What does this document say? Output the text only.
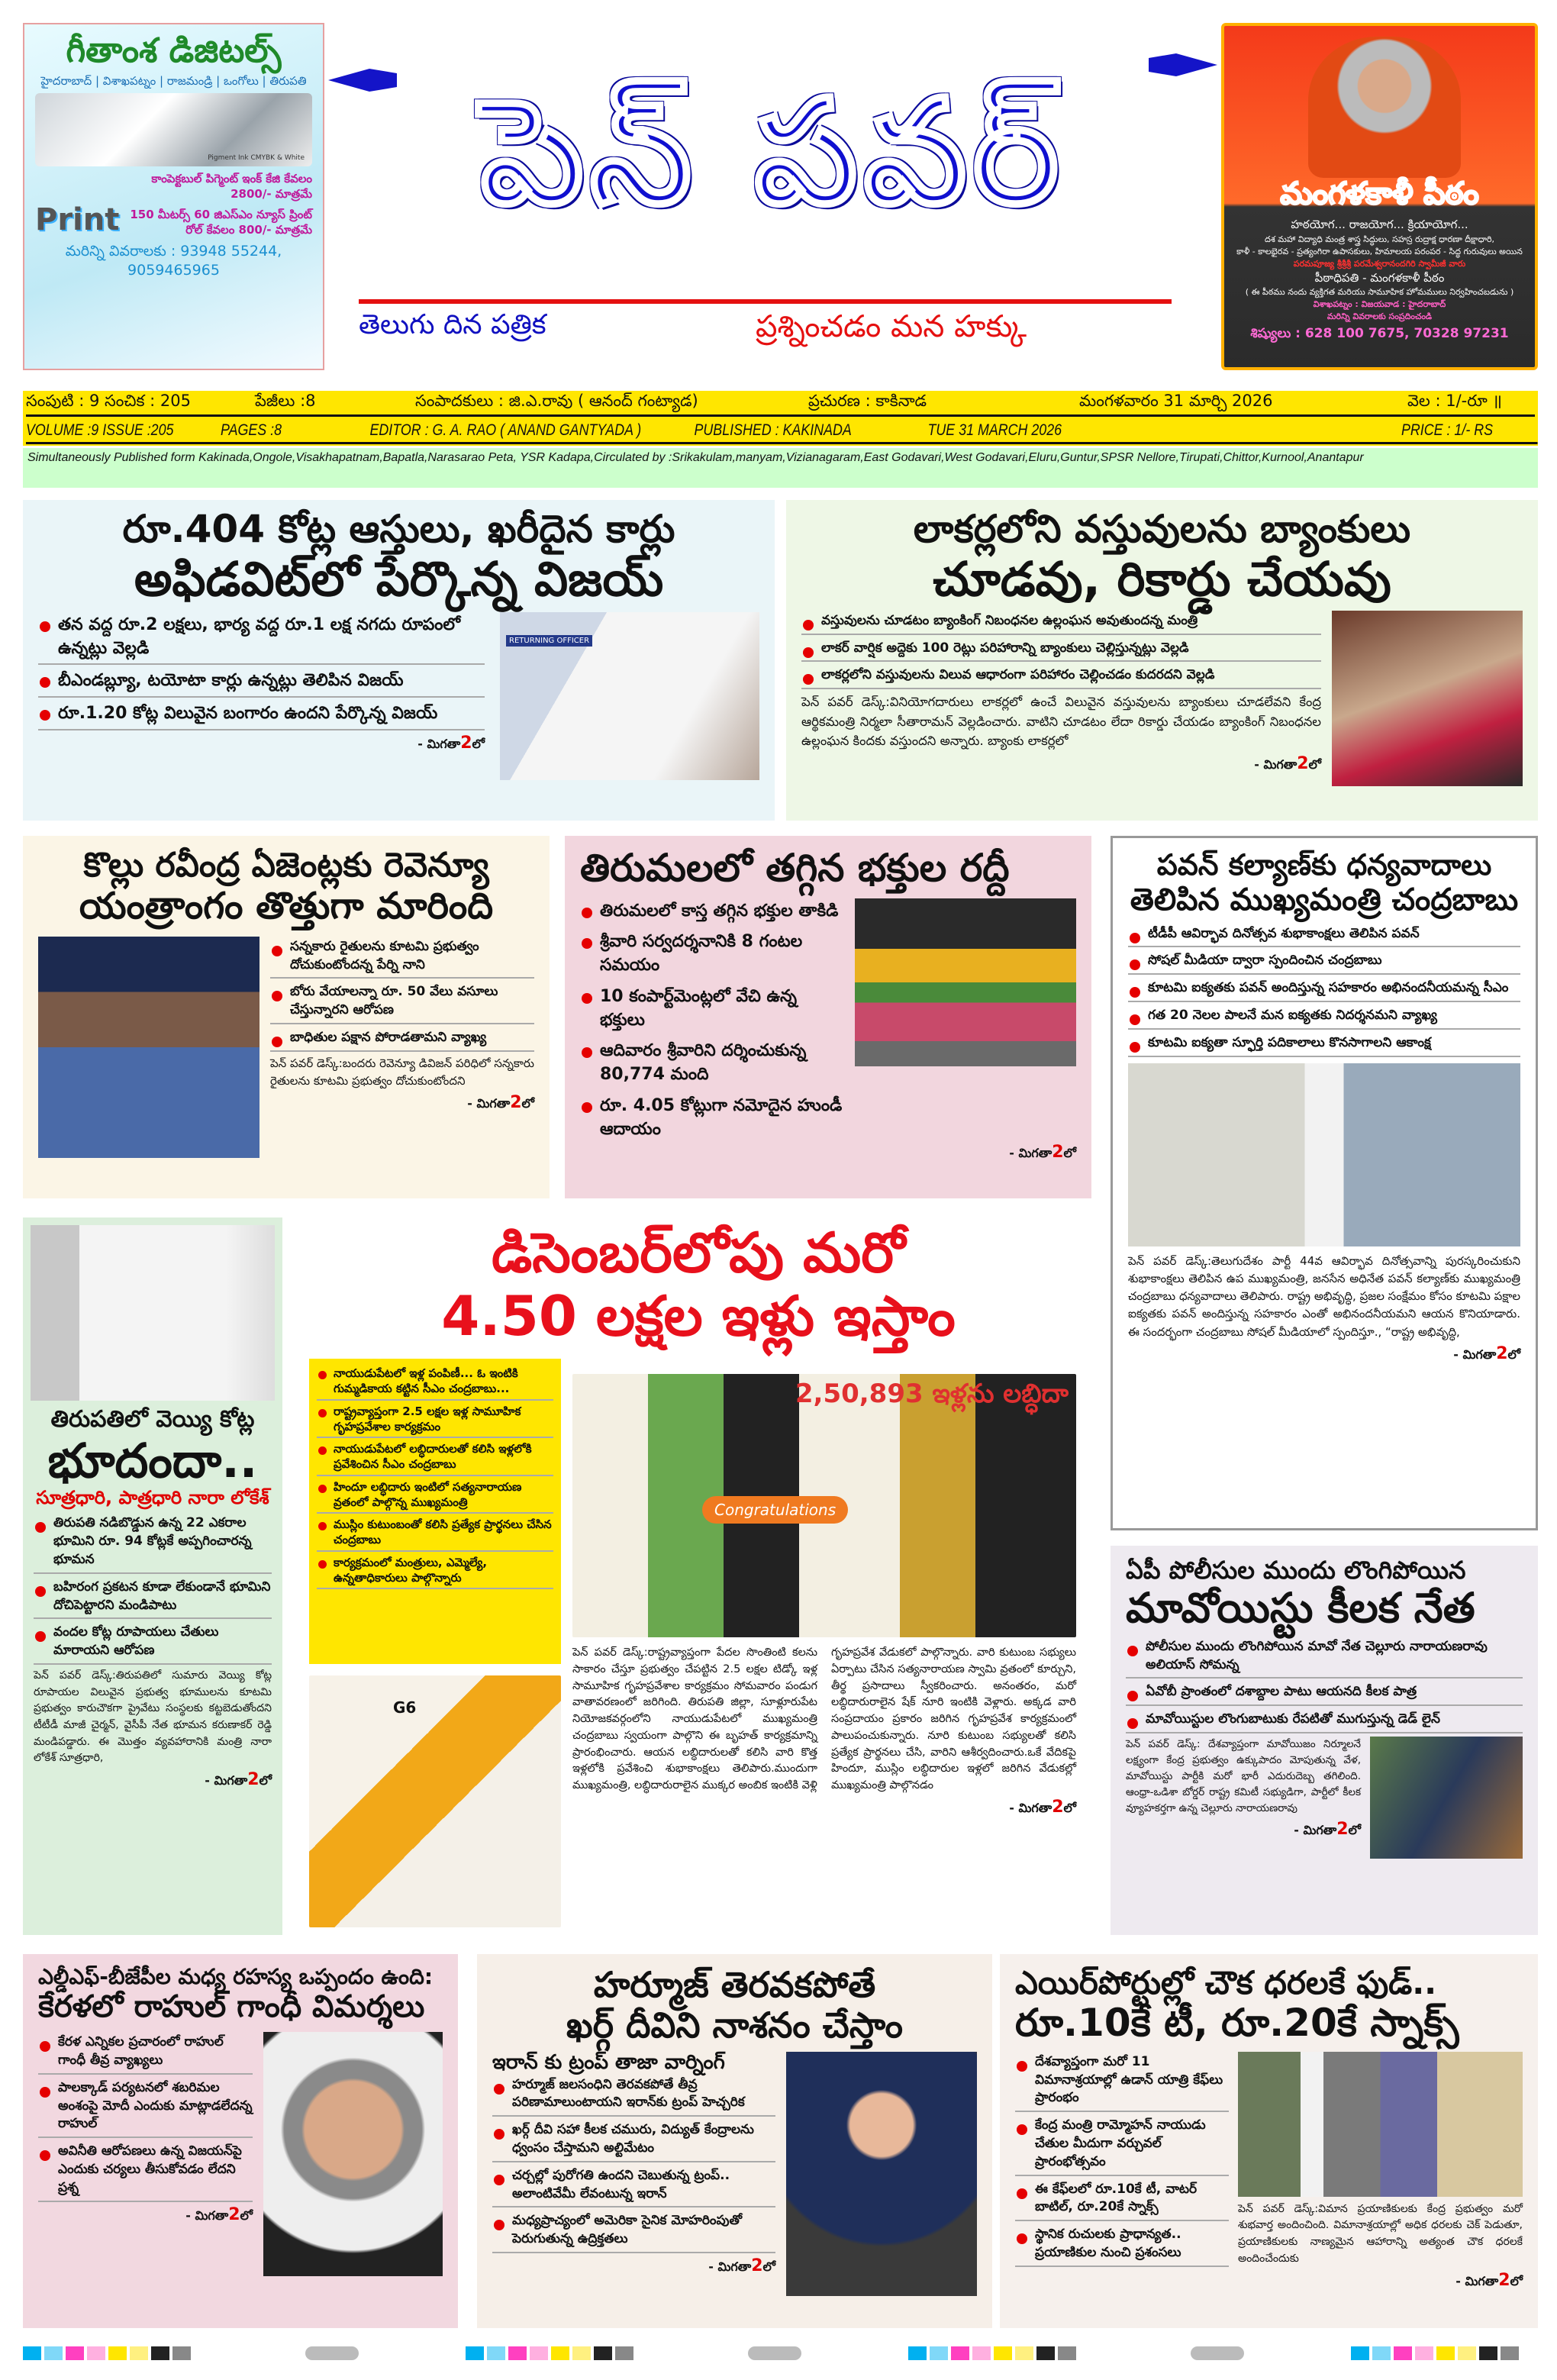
గీతాంశ డిజిటల్స్
హైదరాబాద్ | విశాఖపట్నం | రాజమండ్రి | ఒంగోలు | తిరుపతి
Pigment Ink CMYBK & White
Print
కాంపెక్టబుల్ పిగ్మెంట్ ఇంక్ కేజి కేవలం 2800/- మాత్రమే
150 మీటర్స్ 60 జిఎస్ఎం న్యూస్ ప్రింట్ రోల్ కేవలం 800/- మాత్రమే
మరిన్ని వివరాలకు : 93948 55244, 9059465965
పెన్ పవర్
తెలుగు దిన పత్రిక	ప్రశ్నించడం మన హక్కు
మంగళకాళీ పీఠం
హఠయోగ... రాజయోగ... క్రియాయోగ...
దశ మహా విద్యాధి మంత్ర శాస్త్ర సిద్ధులు, సహస్ర రుద్రాక్ష ధారణా దీక్షాధారి,
కాళీ - కాలభైరవ - ప్రత్యంగిరా ఉపాసకులు, హిమాలయ పరంపర - సిద్ధ గురువులు అయిన
పరమపూజ్య శ్రీశ్రీశ్రీ పరమేశ్వరానందగిరి స్వామీజీ వారు
పీఠాధిపతి - మంగళకాళీ పీఠం
( ఈ పీఠము నందు వ్యక్తిగత మరియు సామూహిక హోమములు నిర్వహించబడును )
విశాఖపట్నం : విజయవాడ : హైదరాబాద్
మరిన్ని వివరాలకు సంప్రదించండి
శిష్యులు : 628 100 7675, 70328 97231
సంపుటి : 9 సంచిక : 205	పేజీలు :8	సంపాదకులు : జి.ఎ.రావు ( ఆనంద్ గంట్యాడ)	ప్రచురణ : కాకినాడ	మంగళవారం 31 మార్చి 2026	వెల : 1/-రూ ॥
VOLUME :9 ISSUE :205	PAGES :8	EDITOR : G. A. RAO ( ANAND GANTYADA )	PUBLISHED : KAKINADA	TUE 31 MARCH 2026	PRICE : 1/- RS
Simultaneously Published form Kakinada,Ongole,Visakhapatnam,Bapatla,Narasarao Peta, YSR Kadapa,Circulated by :Srikakulam,manyam,Vizianagaram,East Godavari,West Godavari,Eluru,Guntur,SPSR Nellore,Tirupati,Chittor,Kurnool,Anantapur
రూ.404 కోట్ల ఆస్తులు, ఖరీదైన కార్లు
అఫిడవిట్‌లో పేర్కొన్న విజయ్
తన వద్ద రూ.2 లక్షలు, భార్య వద్ద రూ.1 లక్ష నగదు రూపంలో ఉన్నట్లు వెల్లడి
బీఎండబ్ల్యూ, టయోటా కార్లు ఉన్నట్లు తెలిపిన విజయ్
రూ.1.20 కోట్ల విలువైన బంగారం ఉందని పేర్కొన్న విజయ్
- మిగతా2లో
RETURNING OFFICER
లాకర్లలోని వస్తువులను బ్యాంకులు
చూడవు, రికార్డు చేయవు
వస్తువులను చూడటం బ్యాంకింగ్ నిబంధనల ఉల్లంఘన అవుతుందన్న మంత్రి
లాకర్ వార్షిక అద్దెకు 100 రెట్లు పరిహారాన్ని బ్యాంకులు చెల్లిస్తున్నట్లు వెల్లడి
లాకర్లలోని వస్తువులను విలువ ఆధారంగా పరిహారం చెల్లించడం కుదరదని వెల్లడి
పెన్ పవర్ డెస్క్:వినియోగదారులు లాకర్లలో ఉంచే విలువైన వస్తువులను బ్యాంకులు చూడలేవని కేంద్ర ఆర్థికమంత్రి నిర్మలా సీతారామన్ వెల్లడించారు. వాటిని చూడటం లేదా రికార్డు చేయడం బ్యాంకింగ్ నిబంధనల ఉల్లంఘన కిందకు వస్తుందని అన్నారు. బ్యాంకు లాకర్లలో
- మిగతా2లో
కొల్లు రవీంద్ర ఏజెంట్లకు రెవెన్యూ
యంత్రాంగం తొత్తుగా మారింది
సన్నకారు రైతులను కూటమి ప్రభుత్వం దోచుకుంటోందన్న పేర్ని నాని
బోరు వేయాలన్నా రూ. 50 వేలు వసూలు చేస్తున్నారని ఆరోపణ
బాధితుల పక్షాన పోరాడతామని వ్యాఖ్య
పెన్ పవర్ డెస్క్:బందరు రెవెన్యూ డివిజన్ పరిధిలో సన్నకారు రైతులను కూటమి ప్రభుత్వం దోచుకుంటోందని
- మిగతా2లో
తిరుమలలో తగ్గిన భక్తుల రద్దీ
తిరుమలలో కాస్త తగ్గిన భక్తుల తాకిడి
శ్రీవారి సర్వదర్శనానికి 8 గంటల సమయం
10 కంపార్ట్‌మెంట్లలో వేచి ఉన్న భక్తులు
ఆదివారం శ్రీవారిని దర్శించుకున్న 80,774 మంది
రూ. 4.05 కోట్లుగా నమోదైన హుండీ ఆదాయం
- మిగతా2లో
పవన్ కల్యాణ్‌కు ధన్యవాదాలు
తెలిపిన ముఖ్యమంత్రి చంద్రబాబు
టీడీపీ ఆవిర్భావ దినోత్సవ శుభాకాంక్షలు తెలిపిన పవన్
సోషల్ మీడియా ద్వారా స్పందించిన చంద్రబాబు
కూటమి ఐక్యతకు పవన్ అందిస్తున్న సహకారం అభినందనీయమన్న సీఎం
గత 20 నెలల పాలనే మన ఐక్యతకు నిదర్శనమని వ్యాఖ్య
కూటమి ఐక్యతా స్ఫూర్తి పదికాలాలు కొనసాగాలని ఆకాంక్ష
పెన్ పవర్ డెస్క్:తెలుగుదేశం పార్టీ 44వ ఆవిర్భావ దినోత్సవాన్ని పురస్కరించుకుని శుభాకాంక్షలు తెలిపిన ఉప ముఖ్యమంత్రి, జనసేన అధినేత పవన్ కల్యాణ్‌కు ముఖ్యమంత్రి చంద్రబాబు ధన్యవాదాలు తెలిపారు. రాష్ట్ర అభివృద్ధి, ప్రజల సంక్షేమం కోసం కూటమి పక్షాల ఐక్యతకు పవన్ అందిస్తున్న సహకారం ఎంతో అభినందనీయమని ఆయన కొనియాడారు. ఈ సందర్భంగా చంద్రబాబు సోషల్ మీడియాలో స్పందిస్తూ., “రాష్ట్ర అభివృద్ధి,
- మిగతా2లో
తిరుపతిలో వెయ్యి కోట్ల
భూదందా..
సూత్రధారి, పాత్రధారి నారా లోకేశ్
తిరుపతి నడిబొడ్డున ఉన్న 22 ఎకరాల భూమిని రూ. 94 కోట్లకే అప్పగించారన్న భూమన
బహిరంగ ప్రకటన కూడా లేకుండానే భూమిని దోచిపెట్టారని మండిపాటు
వందల కోట్ల రూపాయలు చేతులు మారాయని ఆరోపణ
పెన్ పవర్ డెస్క్:తిరుపతిలో సుమారు వెయ్యి కోట్ల రూపాయల విలువైన ప్రభుత్వ భూములను కూటమి ప్రభుత్వం కారుచౌకగా ప్రైవేటు సంస్థలకు కట్టబెడుతోందని టీటీడీ మాజీ చైర్మన్, వైసీపీ నేత భూమన కరుణాకర్ రెడ్డి మండిపడ్డారు. ఈ మొత్తం వ్యవహారానికి మంత్రి నారా లోకేశ్ సూత్రధారి,
- మిగతా2లో
డిసెంబర్‌లోపు మరో
4.50 లక్షల ఇళ్లు ఇస్తాం
నాయుడుపేటలో ఇళ్ల పంపిణీ... ఓ ఇంటికి గుమ్మడికాయ కట్టిన సీఎం చంద్రబాబు...
రాష్ట్రవ్యాప్తంగా 2.5 లక్షల ఇళ్ల సామూహిక గృహప్రవేశాల కార్యక్రమం
నాయుడుపేటలో లబ్ధిదారులతో కలిసి ఇళ్లలోకి ప్రవేశించిన సీఎం చంద్రబాబు
హిందూ లబ్ధిదారు ఇంటిలో సత్యనారాయణ వ్రతంలో పాల్గొన్న ముఖ్యమంత్రి
ముస్లిం కుటుంబంతో కలిసి ప్రత్యేక ప్రార్థనలు చేసిన చంద్రబాబు
కార్యక్రమంలో మంత్రులు, ఎమ్మెల్యే, ఉన్నతాధికారులు పాల్గొన్నారు
2,50,893 ఇళ్లను లబ్ధిదా
Congratulations
G6
పెన్ పవర్ డెస్క్:రాష్ట్రవ్యాప్తంగా పేదల సొంతింటి కలను సాకారం చేస్తూ ప్రభుత్వం చేపట్టిన 2.5 లక్షల టిడ్కో ఇళ్ల సామూహిక గృహప్రవేశాల కార్యక్రమం సోమవారం పండుగ వాతావరణంలో జరిగింది. తిరుపతి జిల్లా, సూళ్లూరుపేట నియోజకవర్గంలోని నాయుడుపేటలో ముఖ్యమంత్రి చంద్రబాబు స్వయంగా పాల్గొని ఈ బృహత్ కార్యక్రమాన్ని ప్రారంభించారు. ఆయన లబ్ధిదారులతో కలిసి వారి కొత్త ఇళ్లలోకి ప్రవేశించి శుభాకాంక్షలు తెలిపారు.ముందుగా ముఖ్యమంత్రి, లబ్ధిదారురాలైన ముక్కర అంబిక ఇంటికి వెళ్లి
గృహప్రవేశ వేడుకలో పాల్గొన్నారు. వారి కుటుంబ సభ్యులు ఏర్పాటు చేసిన సత్యనారాయణ స్వామి వ్రతంలో కూర్చుని, తీర్థ ప్రసాదాలు స్వీకరించారు. అనంతరం, మరో లబ్ధిదారురాలైన షేక్ నూరి ఇంటికి వెళ్లారు. అక్కడ వారి సంప్రదాయం ప్రకారం జరిగిన గృహప్రవేశ కార్యక్రమంలో పాలుపంచుకున్నారు. నూరి కుటుంబ సభ్యులతో కలిసి ప్రత్యేక ప్రార్థనలు చేసి, వారిని ఆశీర్వదించారు.ఒకే వేదికపై హిందూ, ముస్లిం లబ్ధిదారుల ఇళ్లలో జరిగిన వేడుకల్లో ముఖ్యమంత్రి పాల్గొనడం
- మిగతా2లో
ఏపీ పోలీసుల ముందు లొంగిపోయిన
మావోయిస్టు కీలక నేత
పోలీసుల ముందు లొంగిపోయిన మావో నేత చెల్లూరు నారాయణరావు అలియాస్ సోమన్న
ఏవోబీ ప్రాంతంలో దశాబ్దాల పాటు ఆయనది కీలక పాత్ర
మావోయిస్టుల లొంగుబాటుకు రేపటితో ముగుస్తున్న డెడ్ లైన్
పెన్ పవర్ డెస్క్: దేశవ్యాప్తంగా మావోయిజం నిర్మూలనే లక్ష్యంగా కేంద్ర ప్రభుత్వం ఉక్కుపాదం మోపుతున్న వేళ, మావోయిస్టు పార్టీకి మరో భారీ ఎదురుదెబ్బ తగిలింది. ఆంధ్రా-ఒడిశా బోర్డర్ రాష్ట్ర కమిటీ సభ్యుడిగా, పార్టీలో కీలక వ్యూహకర్తగా ఉన్న చెల్లూరు నారాయణరావు
- మిగతా2లో
ఎల్డీఎఫ్-బీజేపీల మధ్య రహస్య ఒప్పందం ఉంది:
కేరళలో రాహుల్ గాంధీ విమర్శలు
కేరళ ఎన్నికల ప్రచారంలో రాహుల్ గాంధీ తీవ్ర వ్యాఖ్యలు
పాలక్కాడ్ పర్యటనలో శబరిమల అంశంపై మోదీ ఎందుకు మాట్లాడలేదన్న రాహుల్
అవినీతి ఆరోపణలు ఉన్న విజయన్‌పై ఎందుకు చర్యలు తీసుకోవడం లేదని ప్రశ్న
- మిగతా2లో
హర్మూజ్ తెరవకపోతే
ఖర్గ్ దీవిని నాశనం చేస్తాం
ఇరాన్ కు ట్రంప్ తాజా వార్నింగ్
హర్మూజ్ జలసంధిని తెరవకపోతే తీవ్ర పరిణామాలుంటాయని ఇరాన్‌కు ట్రంప్ హెచ్చరిక
ఖర్గ్ దీవి సహా కీలక చమురు, విద్యుత్ కేంద్రాలను ధ్వంసం చేస్తామని అల్టిమేటం
చర్చల్లో పురోగతి ఉందని చెబుతున్న ట్రంప్.. అలాంటివేమీ లేవంటున్న ఇరాన్
మధ్యప్రాచ్యంలో అమెరికా సైనిక మోహరింపుతో పెరుగుతున్న ఉద్రిక్తతలు
- మిగతా2లో
ఎయిర్‌పోర్టుల్లో చౌక ధరలకే ఫుడ్..
రూ.10కే టీ, రూ.20కే స్నాక్స్
దేశవ్యాప్తంగా మరో 11 విమానాశ్రయాల్లో ఉడాన్ యాత్రి కేఫ్‌లు ప్రారంభం
కేంద్ర మంత్రి రామ్మోహన్ నాయుడు చేతుల మీదుగా వర్చువల్ ప్రారంభోత్సవం
ఈ కేఫ్‌లలో రూ.10కే టీ, వాటర్ బాటిల్, రూ.20కే స్నాక్స్
స్థానిక రుచులకు ప్రాధాన్యత.. ప్రయాణికుల నుంచి ప్రశంసలు
పెన్ పవర్ డెస్క్:విమాన ప్రయాణికులకు కేంద్ర ప్రభుత్వం మరో శుభవార్త అందించింది. విమానాశ్రయాల్లో అధిక ధరలకు చెక్ పెడుతూ, ప్రయాణికులకు నాణ్యమైన ఆహారాన్ని అత్యంత చౌక ధరలకే అందించేందుకు
- మిగతా2లో
